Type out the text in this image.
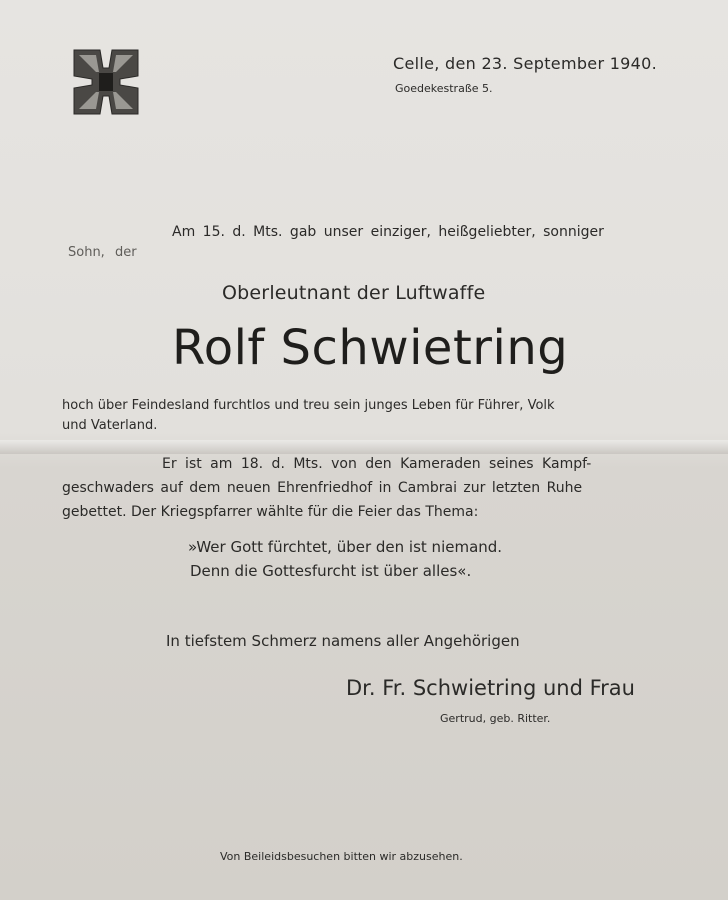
Celle, den 23. September 1940.
Goedekestraße 5.
Am 15. d. Mts. gab unser einziger, heißgeliebter, sonniger
Sohn, der
Oberleutnant der Luftwaffe
Rolf Schwietring
hoch über Feindesland furchtlos und treu sein junges Leben für Führer, Volk
und Vaterland.
Er ist am 18. d. Mts. von den Kameraden seines Kampf-
geschwaders auf dem neuen Ehrenfriedhof in Cambrai zur letzten Ruhe
gebettet. Der Kriegspfarrer wählte für die Feier das Thema:
»Wer Gott fürchtet, über den ist niemand.
Denn die Gottesfurcht ist über alles«.
In tiefstem Schmerz namens aller Angehörigen
Dr. Fr. Schwietring und Frau
Gertrud, geb. Ritter.
Von Beileidsbesuchen bitten wir abzusehen.
